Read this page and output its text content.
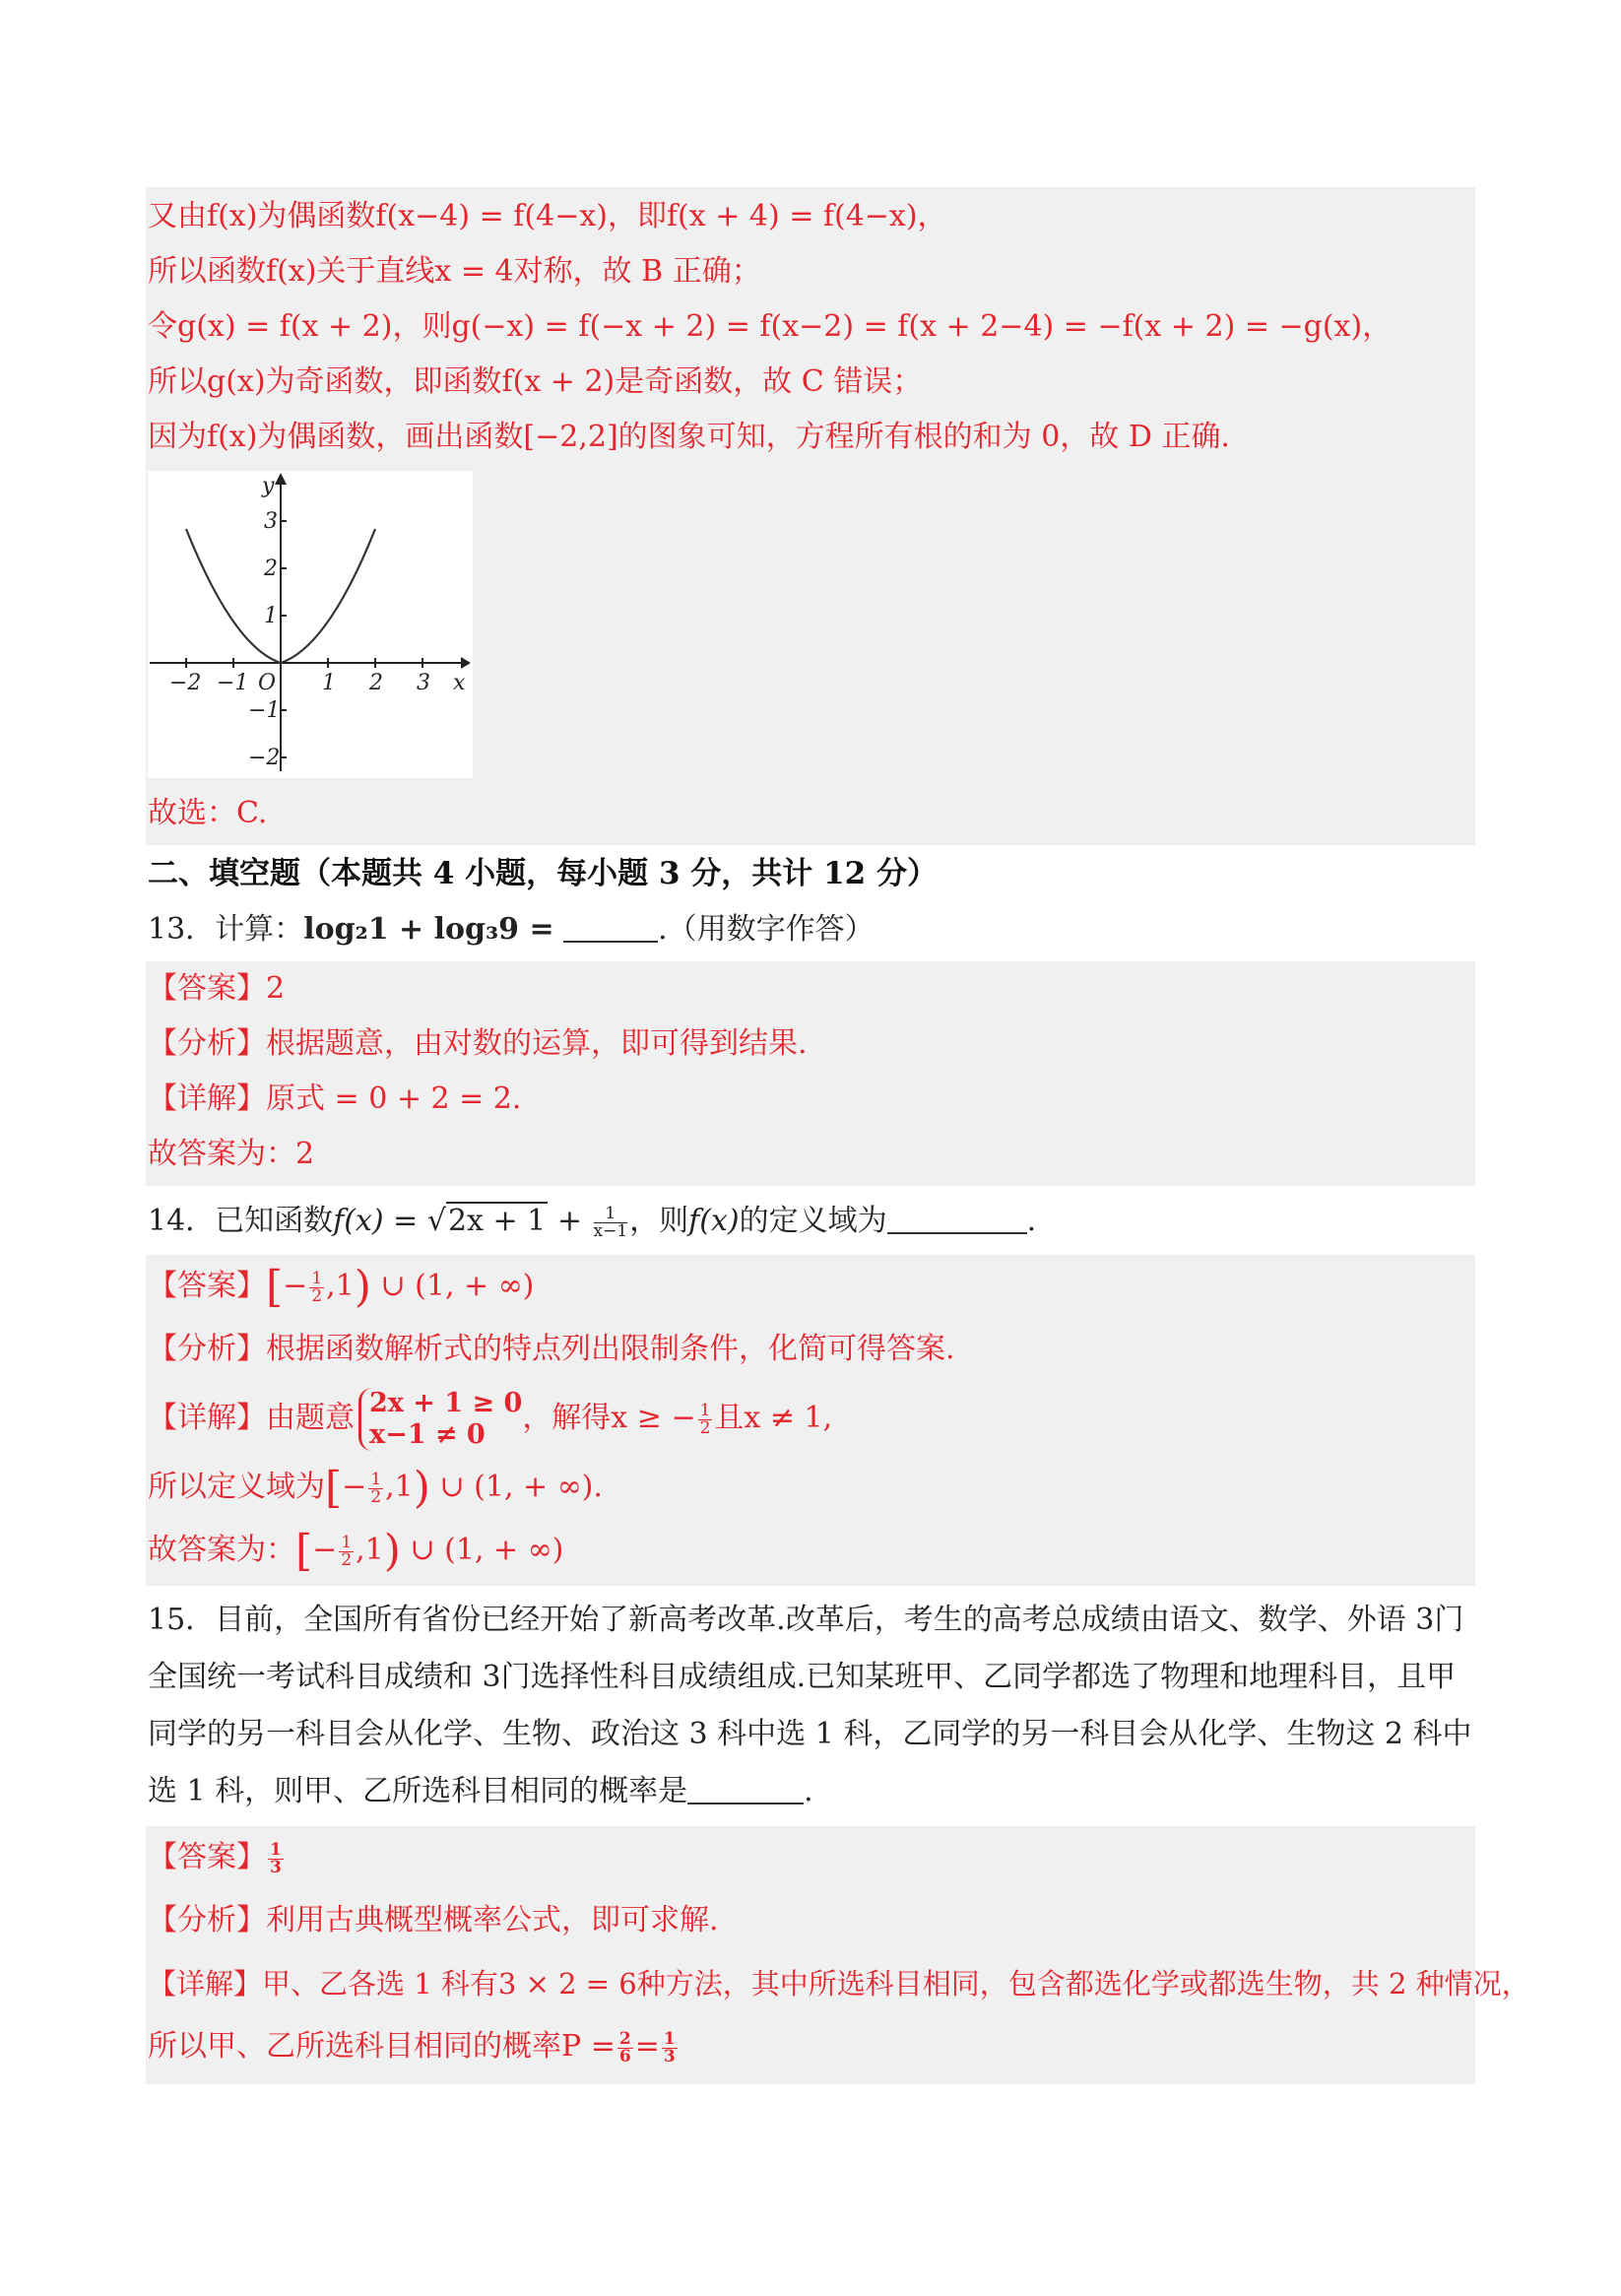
又由f(x)为偶函数f(x−4) = f(4−x)，即f(x + 4) = f(4−x)，
所以函数f(x)关于直线x = 4对称，故 B 正确；
令g(x) = f(x + 2)，则g(−x) = f(−x + 2) = f(x−2) = f(x + 2−4) = −f(x + 2) = −g(x)，
所以g(x)为奇函数，即函数f(x + 2)是奇函数，故 C 错误；
因为f(x)为偶函数，画出函数[−2,2]的图象可知，方程所有根的和为 0，故 D 正确.
−2 −1 O 1 2 3 x
3
2
1
−1
−2
y
故选：C.
二、填空题（本题共 4 小题，每小题 3 分，共计 12 分）
13．计算：log₂1 + log₃9 =	.（用数字作答）
【答案】2
【分析】根据题意，由对数的运算，即可得到结果.
【详解】原式 = 0 + 2 = 2.
故答案为：2
14．已知函数$f(x) = √2x + 1 + \frac{1}{x-1}$ ，则f(x)的定义域为	.
【答案】[− $\frac{1}{2} ,1$) ∪ (1, + ∞)
【分析】根据函数解析式的特点列出限制条件，化简可得答案.
【详解】由题意 2x + 1 ≥ 0
x−1 ≠ 0	，解得x ≥ − $\frac{1}{2}$ 且x ≠ 1,
所以定义域为[− $\frac{1}{2} ,1$) ∪ (1, + ∞).
故答案为：[− $\frac{1}{2} ,1$) ∪ (1, + ∞)
15．目前，全国所有省份已经开始了新高考改革.改革后，考生的高考总成绩由语文、数学、外语 3门全国统一考试科目成绩和 3门选择性科目成绩组成.已知某班甲、乙同学都选了物理和地理科目，且甲同学的另一科目会从化学、生物、政治这 3 科中选 1 科，乙同学的另一科目会从化学、生物这 2 科中选 1 科，则甲、乙所选科目相同的概率是	.
【答案】 $\frac{1}{3}$
【分析】利用古典概型概率公式，即可求解.
【详解】甲、乙各选 1 科有3 × 2 = 6种方法，其中所选科目相同，包含都选化学或都选生物，共 2 种情况，
所以甲、乙所选科目相同的概率$P = \frac{2}{6} = \frac{1}{3}$
